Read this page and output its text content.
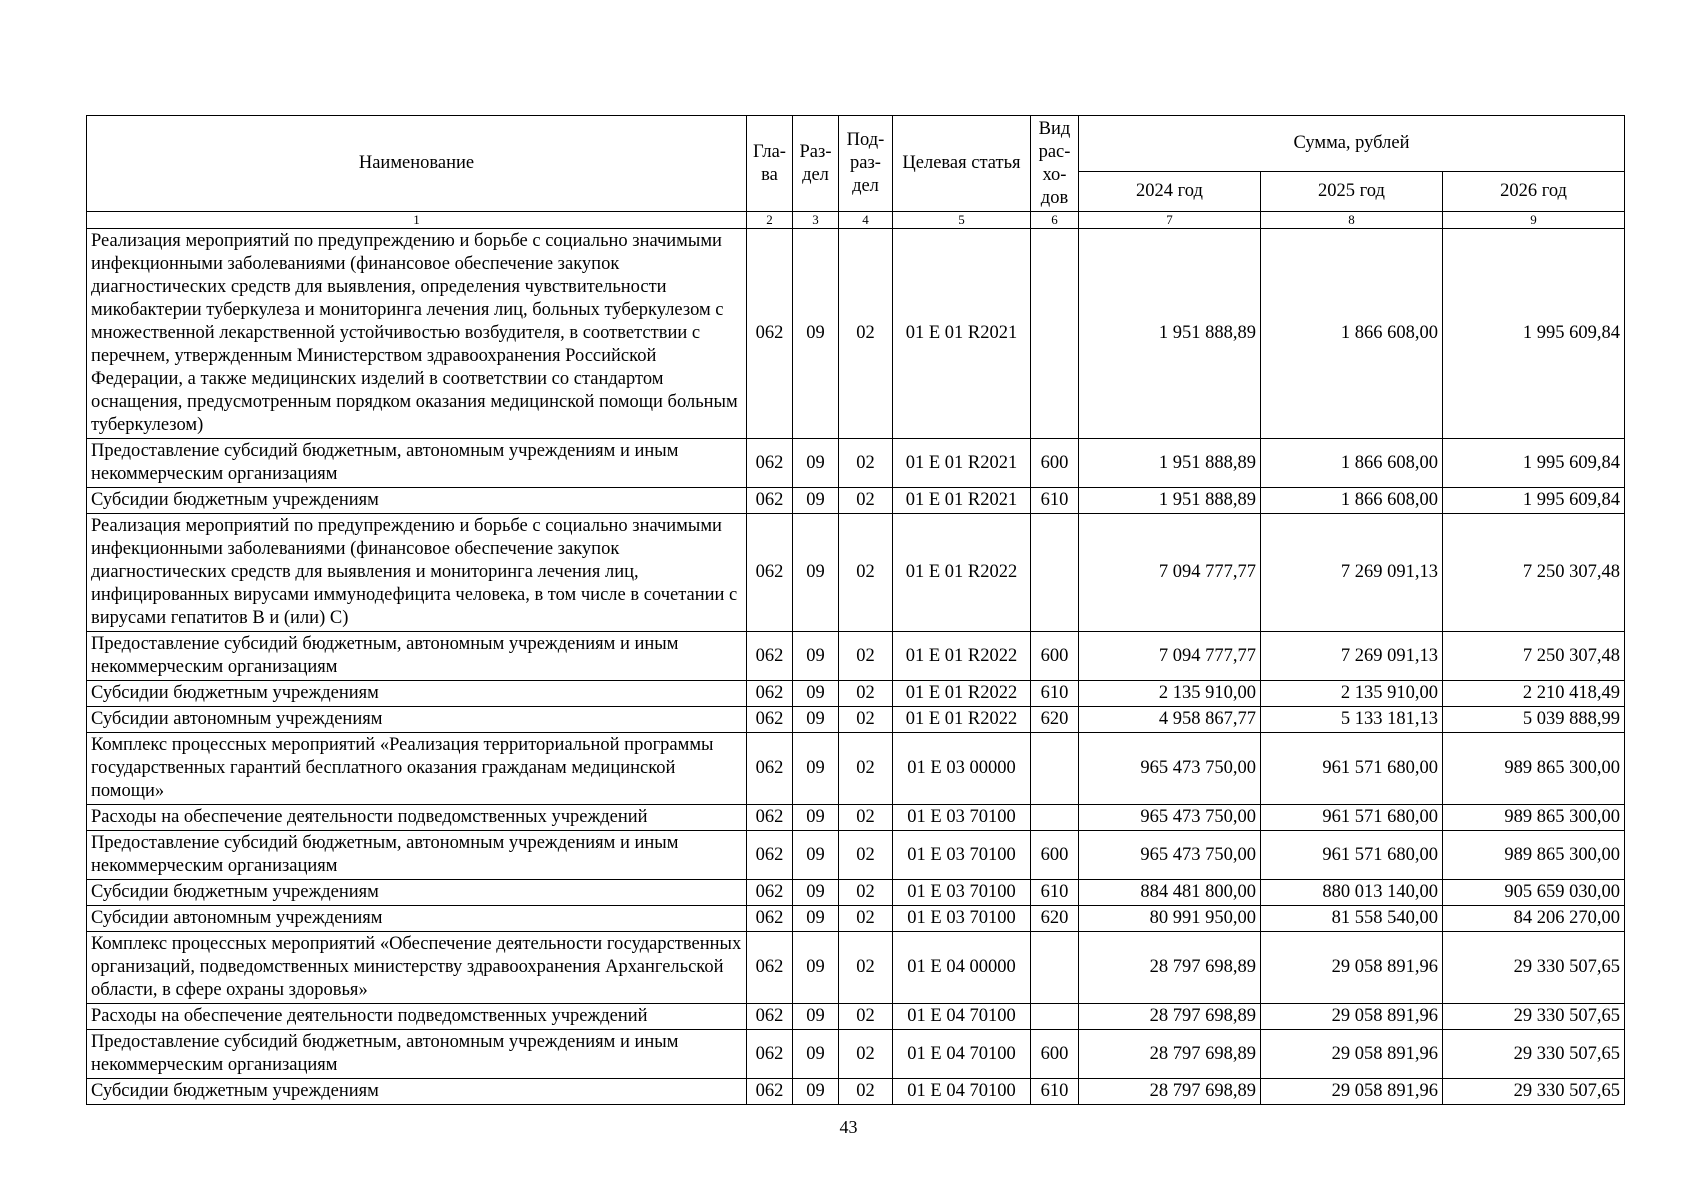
Наименование	Гла-ва	Раз-дел	Под-раз-дел	Целевая статья	Вид рас-хо-дов	Сумма, рублей		
						2024 год	2025 год	2026 год
1	2	3	4	5	6	7	8	9
Реализация мероприятий по предупреждению и борьбе с социально значимыми инфекционными заболеваниями (финансовое обеспечение закупок диагностических средств для выявления, определения чувствительности микобактерии туберкулеза и мониторинга лечения лиц, больных туберкулезом с множественной лекарственной устойчивостью возбудителя, в соответствии с перечнем, утвержденным Министерством здравоохранения Российской Федерации, а также медицинских изделий в соответствии со стандартом оснащения, предусмотренным порядком оказания медицинской помощи больным туберкулезом)	062	09	02	01 Е 01 R2021		1 951 888,89	1 866 608,00	1 995 609,84
Предоставление субсидий бюджетным, автономным учреждениям и иным некоммерческим организациям	062	09	02	01 Е 01 R2021	600	1 951 888,89	1 866 608,00	1 995 609,84
Субсидии бюджетным учреждениям	062	09	02	01 Е 01 R2021	610	1 951 888,89	1 866 608,00	1 995 609,84
Реализация мероприятий по предупреждению и борьбе с социально значимыми инфекционными заболеваниями (финансовое обеспечение закупок диагностических средств для выявления и мониторинга лечения лиц, инфицированных вирусами иммунодефицита человека, в том числе в сочетании с вирусами гепатитов В и (или) С)	062	09	02	01 Е 01 R2022		7 094 777,77	7 269 091,13	7 250 307,48
Предоставление субсидий бюджетным, автономным учреждениям и иным некоммерческим организациям	062	09	02	01 Е 01 R2022	600	7 094 777,77	7 269 091,13	7 250 307,48
Субсидии бюджетным учреждениям	062	09	02	01 Е 01 R2022	610	2 135 910,00	2 135 910,00	2 210 418,49
Субсидии автономным учреждениям	062	09	02	01 Е 01 R2022	620	4 958 867,77	5 133 181,13	5 039 888,99
Комплекс процессных мероприятий «Реализация территориальной программы государственных гарантий бесплатного оказания гражданам медицинской помощи»	062	09	02	01 Е 03 00000		965 473 750,00	961 571 680,00	989 865 300,00
Расходы на обеспечение деятельности подведомственных учреждений	062	09	02	01 Е 03 70100		965 473 750,00	961 571 680,00	989 865 300,00
Предоставление субсидий бюджетным, автономным учреждениям и иным некоммерческим организациям	062	09	02	01 Е 03 70100	600	965 473 750,00	961 571 680,00	989 865 300,00
Субсидии бюджетным учреждениям	062	09	02	01 Е 03 70100	610	884 481 800,00	880 013 140,00	905 659 030,00
Субсидии автономным учреждениям	062	09	02	01 Е 03 70100	620	80 991 950,00	81 558 540,00	84 206 270,00
Комплекс процессных мероприятий «Обеспечение деятельности государственных организаций, подведомственных министерству здравоохранения Архангельской области, в сфере охраны здоровья»	062	09	02	01 Е 04 00000		28 797 698,89	29 058 891,96	29 330 507,65
Расходы на обеспечение деятельности подведомственных учреждений	062	09	02	01 Е 04 70100		28 797 698,89	29 058 891,96	29 330 507,65
Предоставление субсидий бюджетным, автономным учреждениям и иным некоммерческим организациям	062	09	02	01 Е 04 70100	600	28 797 698,89	29 058 891,96	29 330 507,65
Субсидии бюджетным учреждениям	062	09	02	01 Е 04 70100	610	28 797 698,89	29 058 891,96	29 330 507,65
43
